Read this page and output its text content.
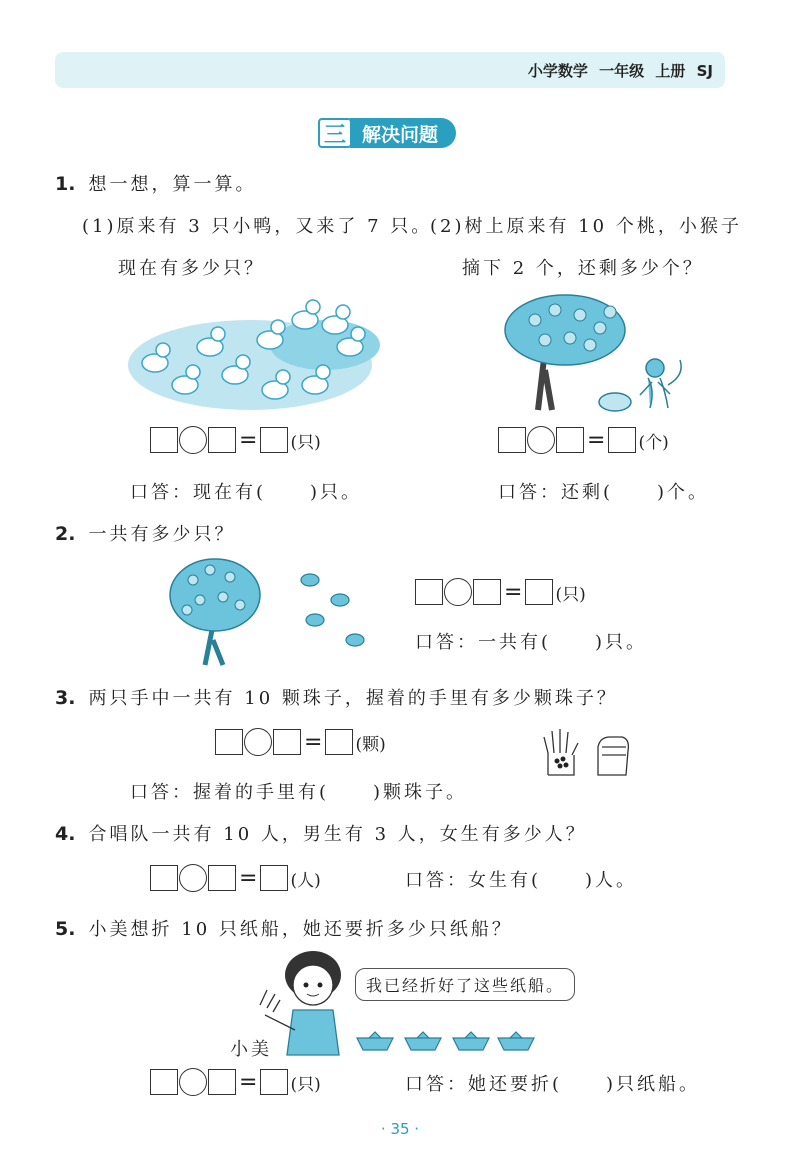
小学数学 一年级 上册 SJ
三 解决问题
1. 想一想，算一算。
(1)原来有 3 只小鸭，又来了 7 只。
现在有多少只？
(2)树上原来有 10 个桃，小猴子
摘下 2 个，还剩多少个？
= (只)	= (个)
口答：现在有( )只。	口答：还剩( )个。
2. 一共有多少只？
= (只)
口答：一共有( )只。
3. 两只手中一共有 10 颗珠子，握着的手里有多少颗珠子？
= (颗)
口答：握着的手里有( )颗珠子。
4. 合唱队一共有 10 人，男生有 3 人，女生有多少人？
= (人)	口答：女生有( )人。
5. 小美想折 10 只纸船，她还要折多少只纸船？
我已经折好了这些纸船。
小美
= (只)	口答：她还要折( )只纸船。
· 35 ·
